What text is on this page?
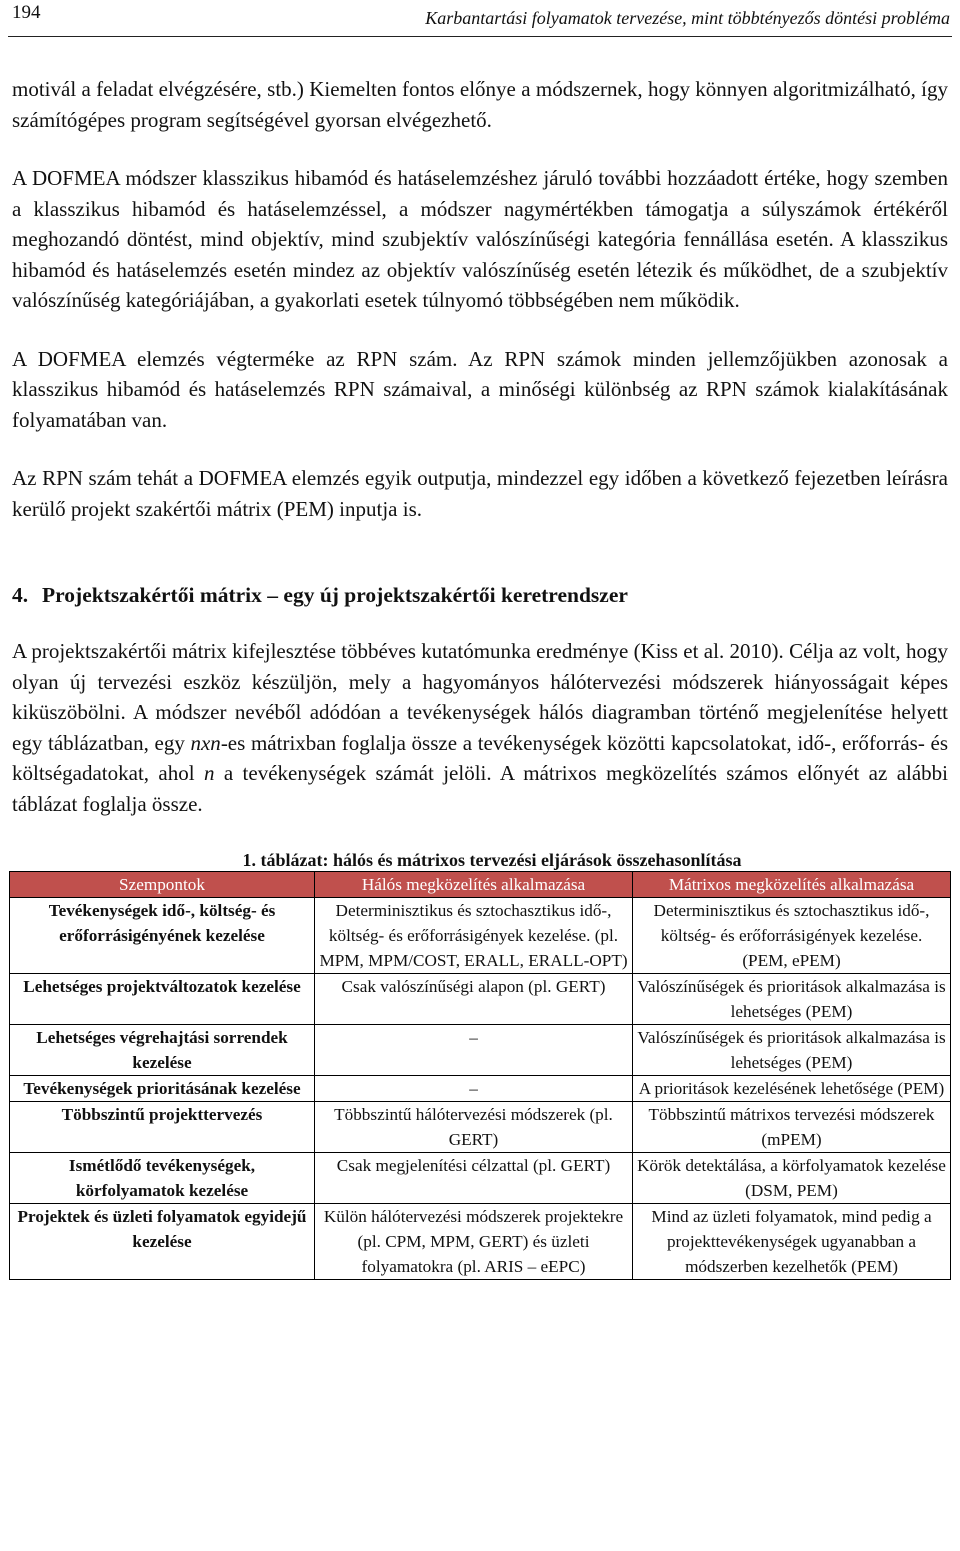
194	Karbantartási folyamatok tervezése, mint többtényezős döntési probléma

motivál a feladat elvégzésére, stb.) Kiemelten fontos előnye a módszernek, hogy könnyen algoritmizálható, így számítógépes program segítségével gyorsan elvégezhető.

A DOFMEA módszer klasszikus hibamód és hatáselemzéshez járuló további hozzáadott értéke, hogy szemben a klasszikus hibamód és hatáselemzéssel, a módszer nagymértékben támogatja a súlyszámok értékéről meghozandó döntést, mind objektív, mind szubjektív valószínűségi kategória fennállása esetén. A klasszikus hibamód és hatáselemzés esetén mindez az objektív valószínűség esetén létezik és működhet, de a szubjektív valószínűség kategóriájában, a gyakorlati esetek túlnyomó többségében nem működik.

A DOFMEA elemzés végterméke az RPN szám. Az RPN számok minden jellemzőjükben azonosak a klasszikus hibamód és hatáselemzés RPN számaival, a minőségi különbség az RPN számok kialakításának folyamatában van.

Az RPN szám tehát a DOFMEA elemzés egyik outputja, mindezzel egy időben a következő fejezetben leírásra kerülő projekt szakértői mátrix (PEM) inputja is.

4. Projektszakértői mátrix – egy új projektszakértői keretrendszer

A projektszakértői mátrix kifejlesztése többéves kutatómunka eredménye (Kiss et al. 2010). Célja az volt, hogy olyan új tervezési eszköz készüljön, mely a hagyományos hálótervezési módszerek hiányosságait képes kiküszöbölni. A módszer nevéből adódóan a tevékenységek hálós diagramban történő megjelenítése helyett egy táblázatban, egy nxn-es mátrixban foglalja össze a tevékenységek közötti kapcsolatokat, idő-, erőforrás- és költségadatokat, ahol n a tevékenységek számát jelöli. A mátrixos megközelítés számos előnyét az alábbi táblázat foglalja össze.

1. táblázat: hálós és mátrixos tervezési eljárások összehasonlítása
Szempontok	Hálós megközelítés alkalmazása	Mátrixos megközelítés alkalmazása
Tevékenységek idő-, költség- és erőforrásigényének kezelése	Determinisztikus és sztochasztikus idő-, költség- és erőforrásigények kezelése. (pl. MPM, MPM/COST, ERALL, ERALL-OPT)	Determinisztikus és sztochasztikus idő-, költség- és erőforrásigények kezelése. (PEM, ePEM)
Lehetséges projektváltozatok kezelése	Csak valószínűségi alapon (pl. GERT)	Valószínűségek és prioritások alkalmazása is lehetséges (PEM)
Lehetséges végrehajtási sorrendek kezelése	–	Valószínűségek és prioritások alkalmazása is lehetséges (PEM)
Tevékenységek prioritásának kezelése	–	A prioritások kezelésének lehetősége (PEM)
Többszintű projekttervezés	Többszintű hálótervezési módszerek (pl. GERT)	Többszintű mátrixos tervezési módszerek (mPEM)
Ismétlődő tevékenységek, körfolyamatok kezelése	Csak megjelenítési célzattal (pl. GERT)	Körök detektálása, a körfolyamatok kezelése (DSM, PEM)
Projektek és üzleti folyamatok egyidejű kezelése	Külön hálótervezési módszerek projektekre (pl. CPM, MPM, GERT) és üzleti folyamatokra (pl. ARIS – eEPC)	Mind az üzleti folyamatok, mind pedig a projekttevékenységek ugyanabban a módszerben kezelhetők (PEM)
